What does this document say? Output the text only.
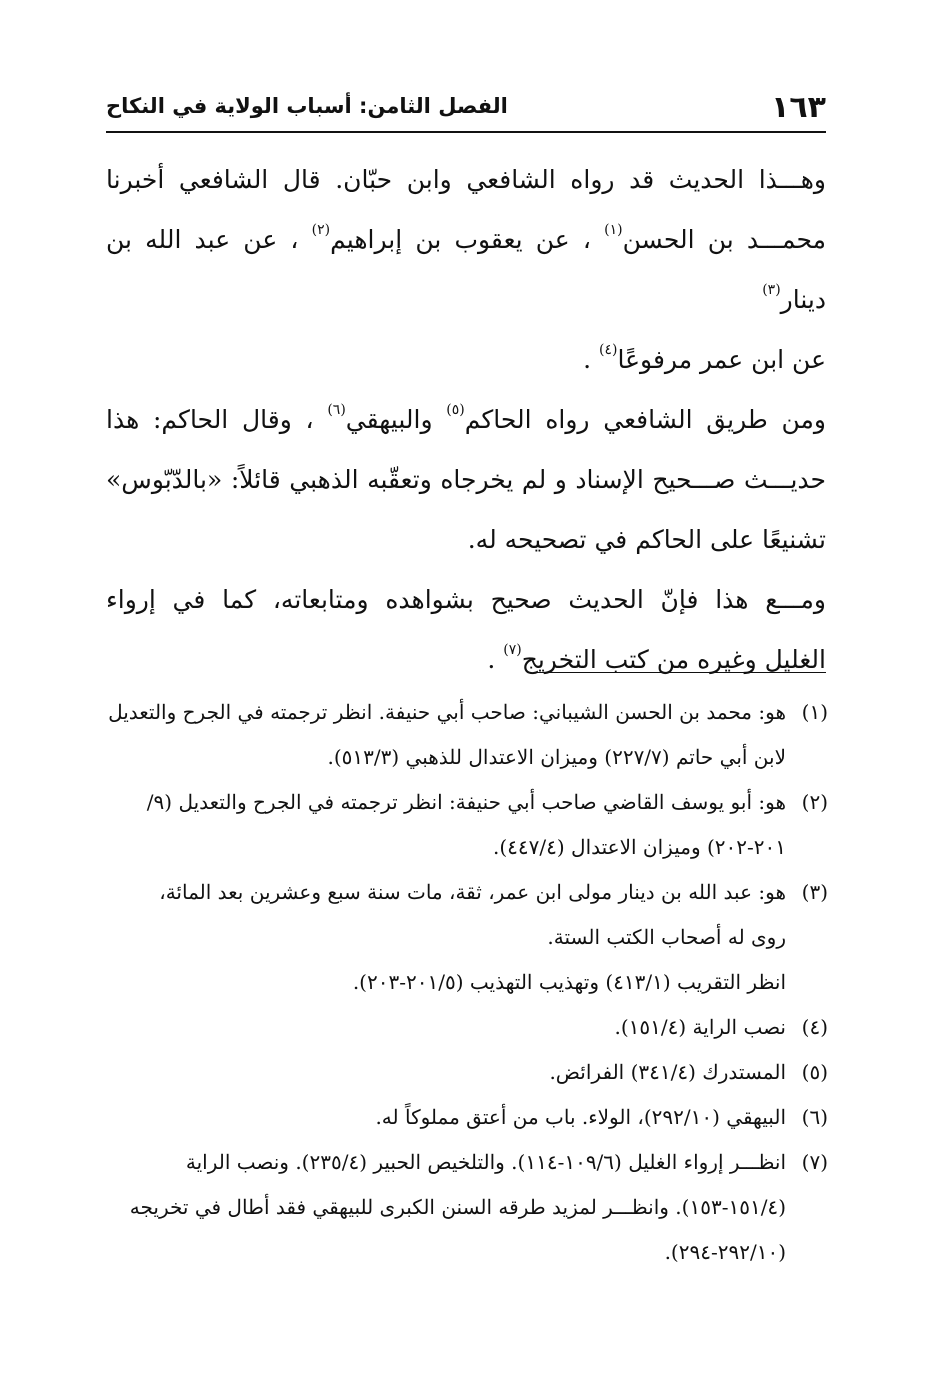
١٦٣
الفصل الثامن: أسباب الولاية في النكاح
وهـــذا الحديث قد رواه الشافعي وابن حبّان. قال الشافعي أخبرنا
محمـــد بن الحسن$^{(١)}$ ، عن يعقوب بن إبراهيم$^{(٢)}$ ، عن عبد الله بن دينار$^{(٣)}$
عن ابن عمر مرفوعًا$^{(٤)}$ .
ومن طريق الشافعي رواه الحاكم$^{(٥)}$ والبيهقي$^{(٦)}$ ، وقال الحاكم: هذا
حديـــث صـــحيح الإسناد و لم يخرجاه وتعقّبه الذهبي قائلاً: «بالدّبّوس»
تشنيعًا على الحاكم في تصحيحه له.
ومـــع هذا فإنّ الحديث صحيح بشواهده ومتابعاته، كما في إرواء
الغليل وغيره من كتب التخريج$^{(٧)}$ .
(١)
هو: محمد بن الحسن الشيباني: صاحب أبي حنيفة. انظر ترجمته في الجرح والتعديل
لابن أبي حاتم (٢٢٧/٧) وميزان الاعتدال للذهبي (٥١٣/٣).
(٢)
هو: أبو يوسف القاضي صاحب أبي حنيفة: انظر ترجمته في الجرح والتعديل (٩/
٢٠١-٢٠٢) وميزان الاعتدال (٤٤٧/٤).
(٣)
هو: عبد الله بن دينار مولى ابن عمر، ثقة، مات سنة سبع وعشرين بعد المائة،
روى له أصحاب الكتب الستة.
انظر التقريب (٤١٣/١) وتهذيب التهذيب (٢٠١/٥-٢٠٣).
(٤)
نصب الراية (١٥١/٤).
(٥)
المستدرك (٣٤١/٤) الفرائض.
(٦)
البيهقي (٢٩٢/١٠)، الولاء. باب من أعتق مملوكاً له.
(٧)
انظـــر إرواء الغليل (١٠٩/٦-١١٤). والتلخيص الحبير (٢٣٥/٤). ونصب الراية
(١٥١/٤-١٥٣). وانظـــر لمزيد طرقه السنن الكبرى للبيهقي فقد أطال في تخريجه
(٢٩٢/١٠-٢٩٤).
